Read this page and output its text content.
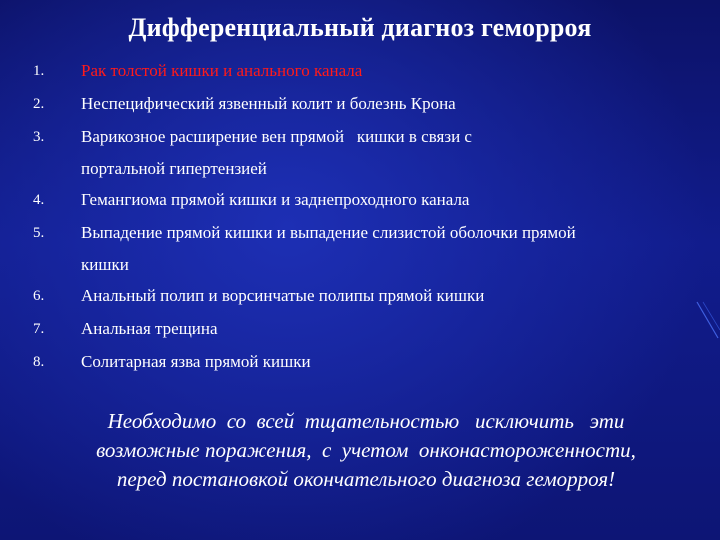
Дифференциальный диагноз геморроя
1. Рак толстой кишки и анального канала
2. Неспецифический язвенный колит и болезнь Крона
3. Варикозное расширение вен прямой   кишки в связи с
портальной гипертензией
4. Гемангиома прямой кишки и заднепроходного канала
5. Выпадение прямой кишки и выпадение слизистой оболочки прямой
кишки
6. Анальный полип и ворсинчатые полипы прямой кишки
7. Анальная трещина
8. Солитарная язва прямой кишки
Необходимо  со  всей  тщательностью   исключить   эти
возможные поражения,  с  учетом  онконастороженности,
перед постановкой окончательного диагноза геморроя!
